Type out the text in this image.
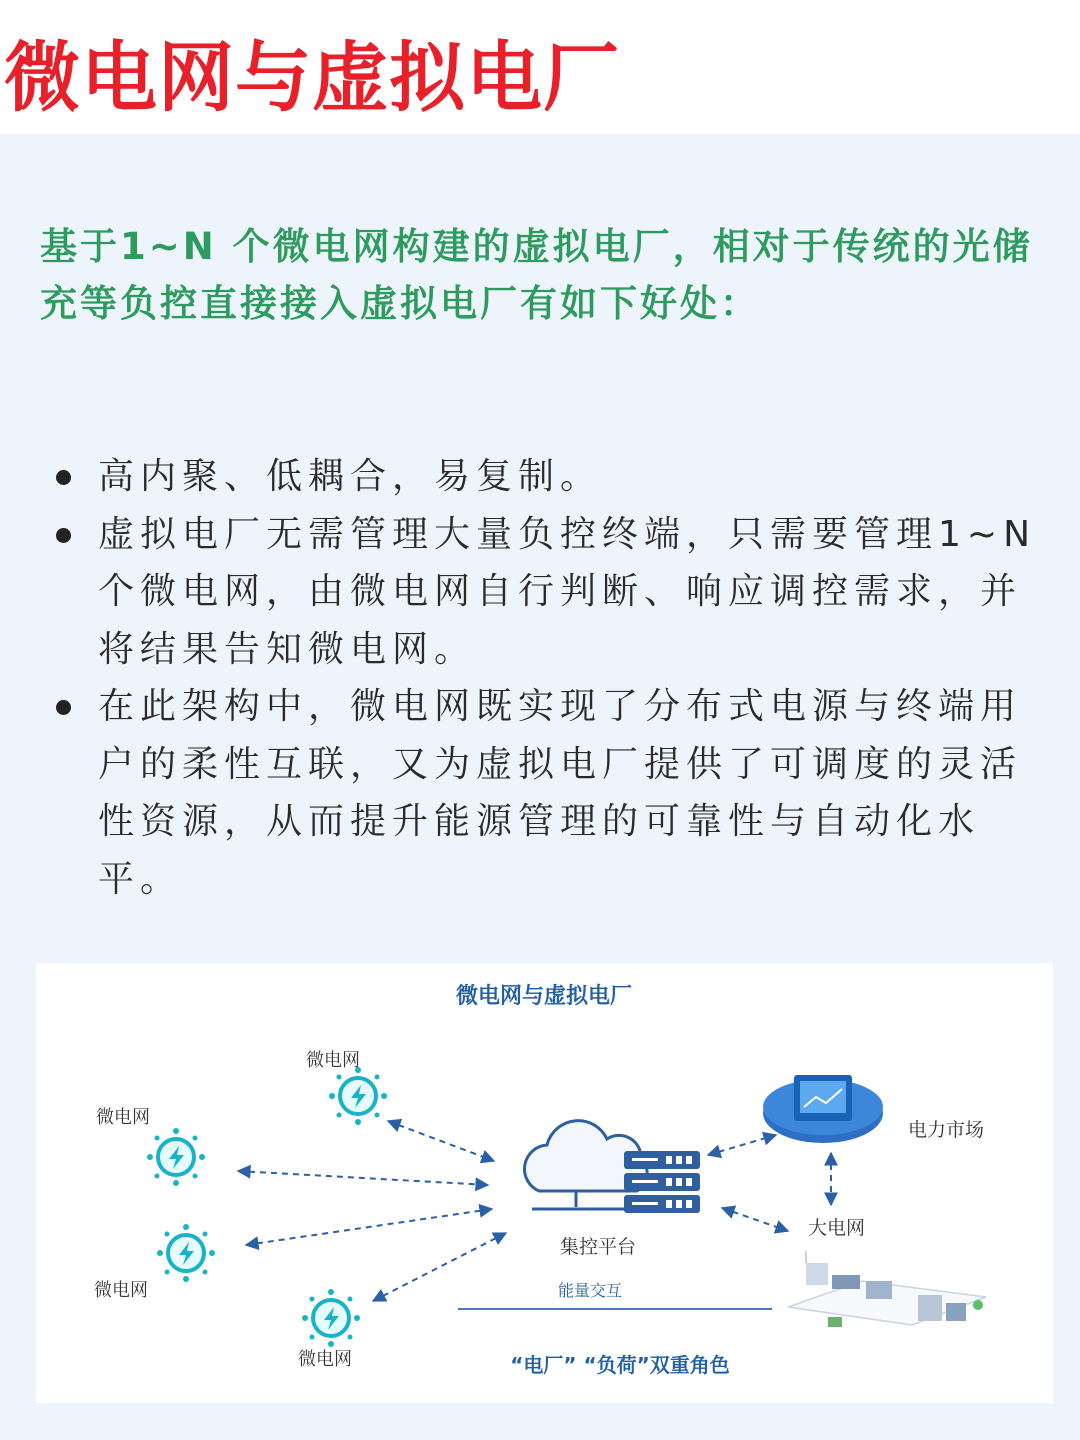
微电网与虚拟电厂
基于1~N 个微电网构建的虚拟电厂，相对于传统的光储充等负控直接接入虚拟电厂有如下好处：
高内聚、低耦合，易复制。
虚拟电厂无需管理大量负控终端，只需要管理1~N个微电网，由微电网自行判断、响应调控需求，并将结果告知微电网。
在此架构中，微电网既实现了分布式电源与终端用户的柔性互联，又为虚拟电厂提供了可调度的灵活性资源，从而提升能源管理的可靠性与自动化水平。
微电网与虚拟电厂
微电网
微电网
微电网
微电网
集控平台
电力市场
大电网
能量交互
“电厂” “负荷”双重角色
